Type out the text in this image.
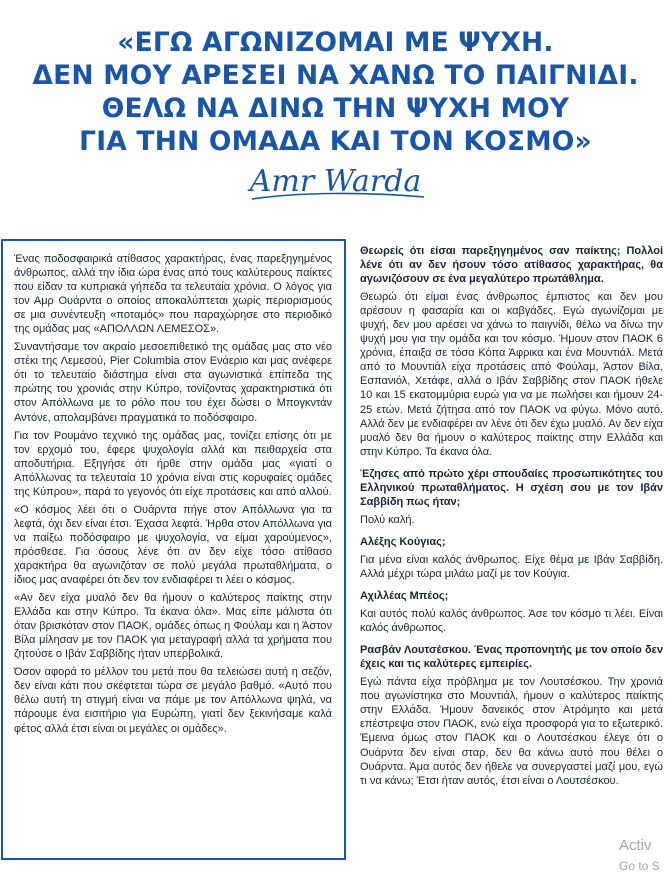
«ΕΓΩ ΑΓΩΝΙΖΟΜΑΙ ΜΕ ΨΥΧΗ.
ΔΕΝ ΜΟΥ ΑΡΕΣΕΙ ΝΑ ΧΑΝΩ ΤΟ ΠΑΙΓΝΙΔΙ.
ΘΕΛΩ ΝΑ ΔΙΝΩ ΤΗΝ ΨΥΧΗ ΜΟΥ
ΓΙΑ ΤΗΝ ΟΜΑΔΑ ΚΑΙ ΤΟΝ ΚΟΣΜΟ»
Amr Warda

Ένας ποδοσφαιρικά ατίθασος χαρακτήρας, ένας παρεξηγημένος άνθρωπος, αλλά την ίδια ώρα ένας από τους καλύτερους παίκτες που είδαν τα κυπριακά γήπεδα τα τελευταία χρόνια. Ο λόγος για τον Αμρ Ουάρντα ο οποίος αποκαλύπτεται χωρίς περιορισμούς σε μια συνέντευξη «ποταμός» που παραχώρησε στο περιοδικό της ομάδας μας «ΑΠΟΛΛΩΝ ΛΕΜΕΣΟΣ».

Συναντήσαμε τον ακραίο μεσοεπιθετικό της ομάδας μας στο νέο στέκι της Λεμεσού, Pier Columbia στον Ενάεριο και μας ανέφερε ότι το τελευταίο διάστημα είναι στα αγωνιστικά επίπεδα της πρώτης του χρονιάς στην Κύπρο, τονίζοντας χαρακτηριστικά ότι στον Απόλλωνα με το ρόλο που του έχει δώσει ο Μπογκντάν Αντόνε, απολαμβάνει πραγματικά το ποδόσφαιρο.

Για τον Ρουμάνο τεχνικό της ομάδας μας, τονίζει επίσης ότι με τον ερχομό του, έφερε ψυχολογία αλλά και πειθαρχεία στα αποδυτήρια. Εξηγήσε ότι ήρθε στην ομάδα μας «γιατί ο Απόλλωνας τα τελευταία 10 χρόνια είναι στις κορυφαίες ομάδες της Κύπρου», παρά το γεγονός ότι είχε προτάσεις και από αλλού.

«Ο κόσμος λέει ότι ο Ουάρντα πήγε στον Απόλλωνα για τα λεφτά, όχι δεν είναι έτσι. Έχασα λεφτά. Ήρθα στον Απόλλωνα για να παίξω ποδόσφαιρο με ψυχολογία, να είμαι χαρούμενος», πρόσθεσε. Για όσους λένε ότι αν δεν είχε τόσο ατίθασο χαρακτήρα θα αγωνιζόταν σε πολύ μεγάλα πρωταθλήματα, ο ίδιος μας αναφέρει ότι δεν τον ενδιαφέρει τι λέει ο κόσμος.

«Αν δεν είχα μυαλό δεν θα ήμουν ο καλύτερος παίκτης στην Ελλάδα και στην Κύπρο. Τα έκανα όλα». Μας είπε μάλιστα ότι όταν βρισκόταν στον ΠΑΟΚ, ομάδες όπως η Φούλαμ και η Άστον Βίλα μίλησαν με τον ΠΑΟΚ για μεταγραφή αλλά τα χρήματα που ζητούσε ο Ιβάν Σαββίδης ήταν υπερβολικά.

Όσον αφορά το μέλλον του μετά που θα τελειώσει αυτή η σεζόν, δεν είναι κάτι που σκέφτεται τώρα σε μεγάλο βαθμό. «Αυτό που θέλω αυτή τη στιγμή είναι να πάμε με τον Απόλλωνα ψηλά, να πάρουμε ένα εισιτήριο για Ευρώπη, γιατί δεν ξεκινήσαμε καλά φέτος αλλά έτσι είναι οι μεγάλες οι ομάδες».

Θεωρείς ότι είσαι παρεξηγημένος σαν παίκτης; Πολλοί λένε ότι αν δεν ήσουν τόσο ατίθασος χαρακτήρας, θα αγωνιζόσουν σε ένα μεγαλύτερο πρωτάθλημα.

Θεωρώ ότι είμαι ένας άνθρωπος έμπιστος και δεν μου αρέσουν η φασαρία και οι καβγάδες. Εγώ αγωνίζομαι με ψυχή, δεν μου αρέσει να χάνω το παιγνίδι, θέλω να δίνω την ψυχή μου για την ομάδα και τον κόσμο. Ήμουν στον ΠΑΟΚ 6 χρόνια, έπαιξα σε τόσα Κόπα Άφρικα και ένα Μουντιάλ. Μετά από το Μουντιάλ είχα προτάσεις από Φούλαμ, Άστον Βίλα, Εσπανιόλ, Χετάφε, αλλά ο Ιβάν Σαββίδης στον ΠΑΟΚ ήθελε 10 και 15 εκατομμύρια ευρώ για να με πωλήσει και ήμουν 24-25 ετών. Μετά ζήτησα από τον ΠΑΟΚ να φύγω. Μόνο αυτό. Αλλά δεν με ενδιαφέρει αν λένε ότι δεν έχω μυαλό. Αν δεν είχα μυαλό δεν θα ήμουν ο καλύτερος παίκτης στην Ελλάδα και στην Κύπρο. Τα έκανα όλα.

Έζησες από πρώτο χέρι σπουδαίες προσωπικότητες του Ελληνικού πρωταθλήματος. Η σχέση σου με τον Ιβάν Σαββίδη πως ήταν;

Πολύ καλή.

Αλέξης Κούγιας;

Για μένα είναι καλός άνθρωπος. Είχε θέμα με Ιβάν Σαββίδη. Αλλά μέχρι τώρα μιλάω μαζί με τον Κούγια.

Αχιλλέας Μπέος;

Και αυτός πολύ καλός άνθρωπος. Άσε τον κόσμο τι λέει. Είναι καλός άνθρωπος.

Ρασβάν Λουτσέσκου. Ένας προπονητής με τον οποίο δεν έχεις και τις καλύτερες εμπειρίες.

Εγώ πάντα είχα πρόβλημα με τον Λουτσέσκου. Την χρονιά που αγωνίστηκα στο Μουντιάλ, ήμουν ο καλύτερος παίκτης στην Ελλάδα. Ήμουν δανεικός στον Ατρόμητο και μετά επέστρεψα στον ΠΑΟΚ, ενώ είχα προσφορά για το εξωτερικό. Έμεινα όμως στον ΠΑΟΚ και ο Λουτσέσκου έλεγε ότι ο Ουάρντα δεν είναι σταρ, δεν θα κάνω αυτό που θέλει ο Ουάρντα. Άμα αυτός δεν ήθελε να συνεργαστεί μαζί μου, εγώ τι να κάνω; Έτσι ήταν αυτός, έτσι είναι ο Λουτσέσκου.

Activ
Go to S
